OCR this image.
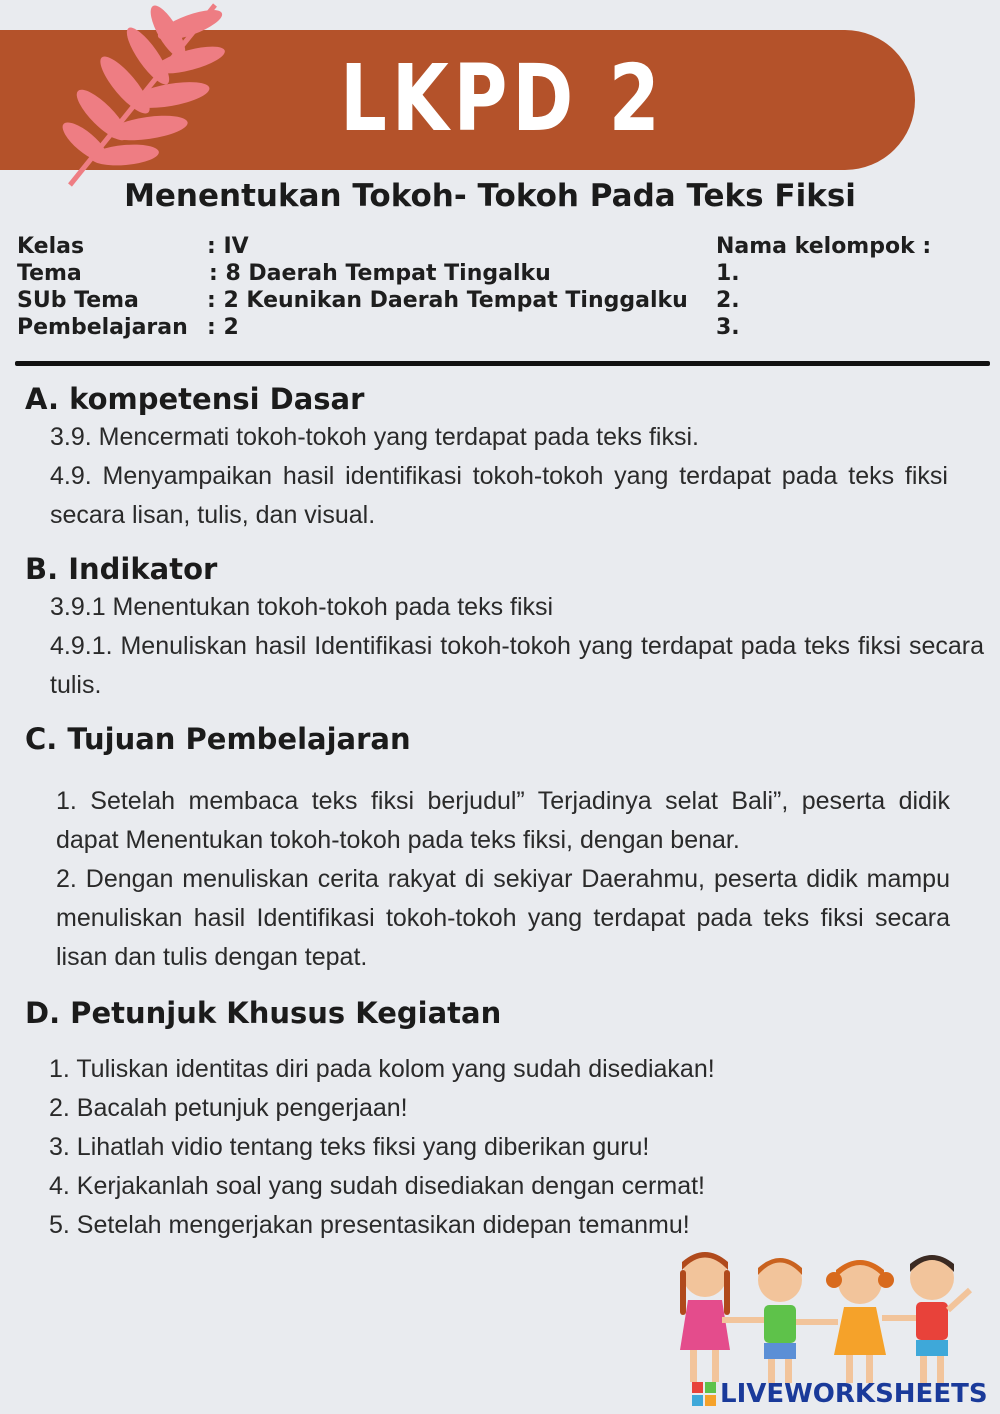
LKPD 2
Menentukan Tokoh- Tokoh Pada Teks Fiksi
Kelas	: IV
Tema	: 8 Daerah Tempat Tingalku
SUb Tema	: 2 Keunikan Daerah Tempat Tinggalku
Pembelajaran : 2
Nama kelompok :
1.
2.
3.
A. kompetensi Dasar

3.9. Mencermati tokoh-tokoh yang terdapat pada teks fiksi.

4.9. Menyampaikan hasil identifikasi tokoh-tokoh yang terdapat pada teks fiksi secara lisan, tulis, dan visual.

B. Indikator

3.9.1 Menentukan tokoh-tokoh pada teks fiksi

4.9.1. Menuliskan hasil Identifikasi tokoh-tokoh yang terdapat pada teks fiksi secara tulis.

C. Tujuan Pembelajaran

1. Setelah membaca teks fiksi berjudul” Terjadinya selat Bali”, peserta didik dapat Menentukan tokoh-tokoh pada teks fiksi, dengan benar.

2. Dengan menuliskan cerita rakyat di sekiyar Daerahmu, peserta didik mampu menuliskan hasil Identifikasi tokoh-tokoh yang terdapat pada teks fiksi secara lisan dan tulis dengan tepat.

D. Petunjuk Khusus Kegiatan
1. Tuliskan identitas diri pada kolom yang sudah disediakan!
2. Bacalah petunjuk pengerjaan!
3. Lihatlah vidio tentang teks fiksi yang diberikan guru!
4. Kerjakanlah soal yang sudah disediakan dengan cermat!
5. Setelah mengerjakan presentasikan didepan temanmu!
LIVEWORKSHEETS
